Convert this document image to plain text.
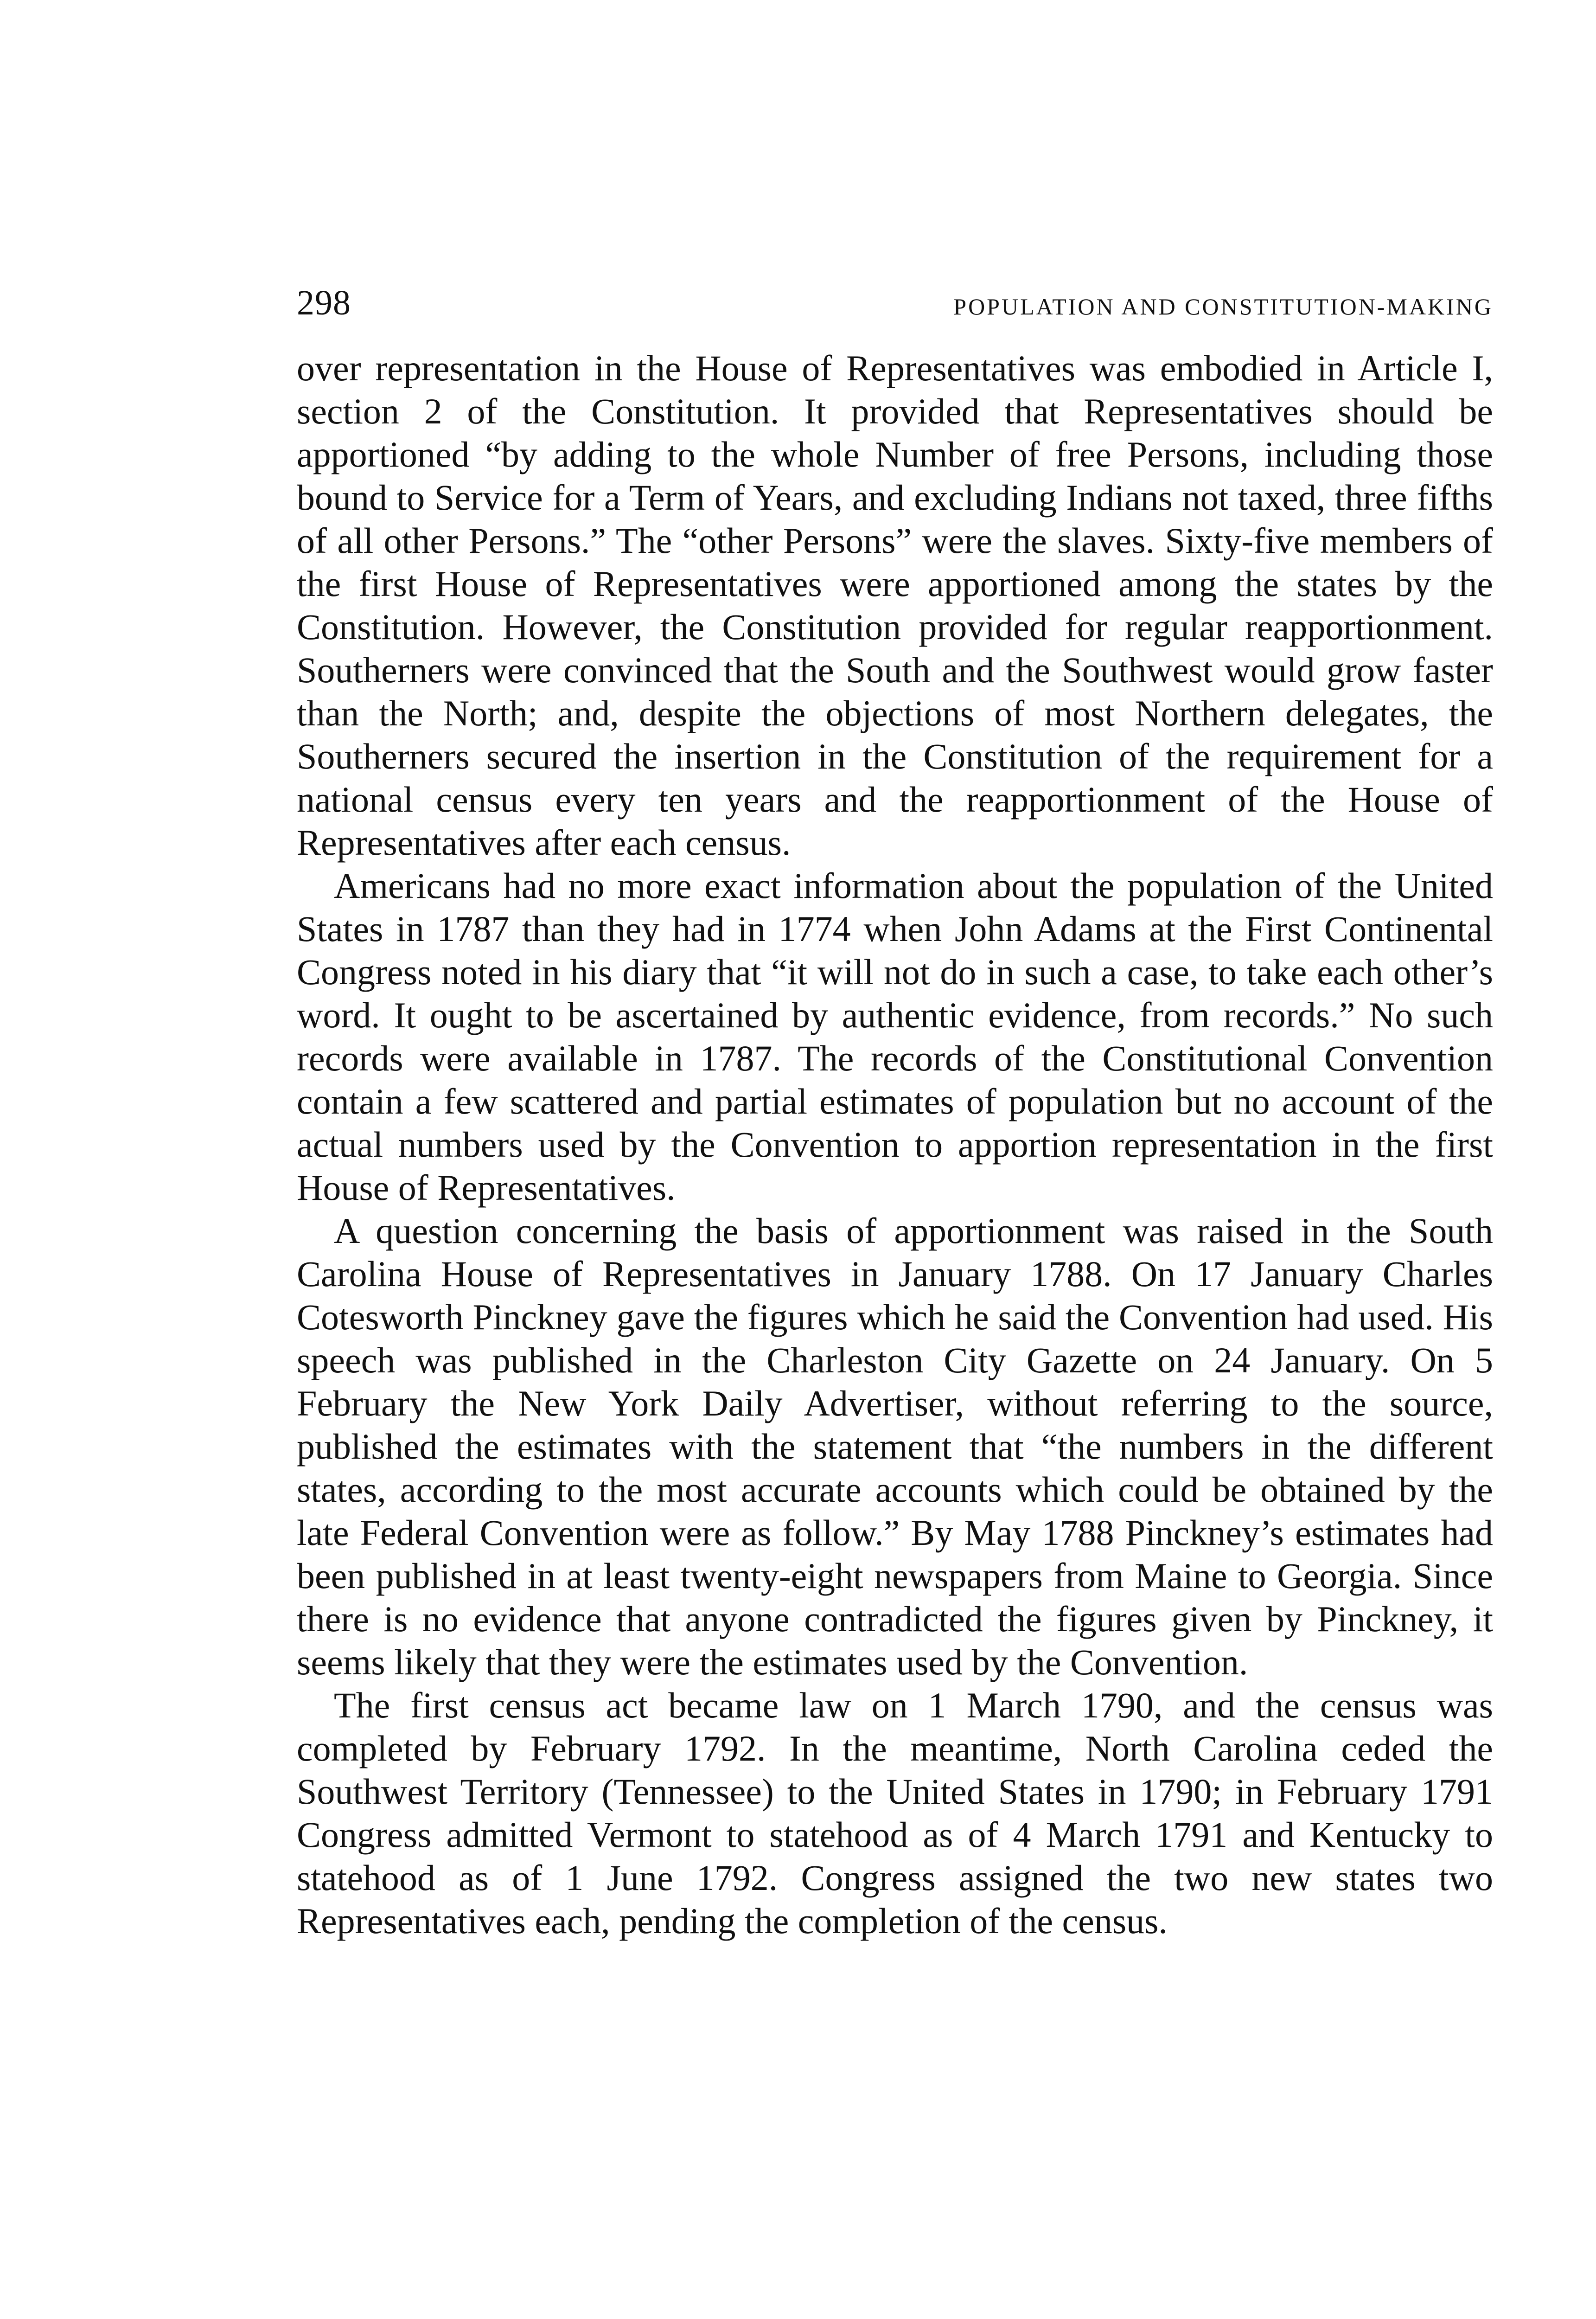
298	POPULATION AND CONSTITUTION-MAKING

over representation in the House of Representatives was embodied in Article I, section 2 of the Constitution. It provided that Representatives should be apportioned “by adding to the whole Number of free Persons, including those bound to Service for a Term of Years, and excluding Indians not taxed, three fifths of all other Persons.” The “other Persons” were the slaves. Sixty-five members of the first House of Representatives were apportioned among the states by the Constitution. However, the Constitution provided for regular reapportionment. Southerners were convinced that the South and the Southwest would grow faster than the North; and, despite the objections of most Northern delegates, the Southerners secured the insertion in the Constitution of the requirement for a national census every ten years and the reapportionment of the House of Representatives after each census.

Americans had no more exact information about the population of the United States in 1787 than they had in 1774 when John Adams at the First Continental Congress noted in his diary that “it will not do in such a case, to take each other’s word. It ought to be ascertained by authentic evidence, from records.” No such records were available in 1787. The records of the Constitutional Convention contain a few scattered and partial estimates of population but no account of the actual numbers used by the Convention to apportion representation in the first House of Representatives.

A question concerning the basis of apportionment was raised in the South Carolina House of Representatives in January 1788. On 17 January Charles Cotesworth Pinckney gave the figures which he said the Convention had used. His speech was published in the Charleston City Gazette on 24 January. On 5 February the New York Daily Advertiser, without referring to the source, published the estimates with the statement that “the numbers in the different states, according to the most accurate accounts which could be obtained by the late Federal Convention were as follow.” By May 1788 Pinckney’s estimates had been published in at least twenty-eight newspapers from Maine to Georgia. Since there is no evidence that anyone contradicted the figures given by Pinckney, it seems likely that they were the estimates used by the Convention.

The first census act became law on 1 March 1790, and the census was completed by February 1792. In the meantime, North Carolina ceded the Southwest Territory (Tennessee) to the United States in 1790; in February 1791 Congress admitted Vermont to statehood as of 4 March 1791 and Kentucky to statehood as of 1 June 1792. Congress assigned the two new states two Representatives each, pending the completion of the census.
